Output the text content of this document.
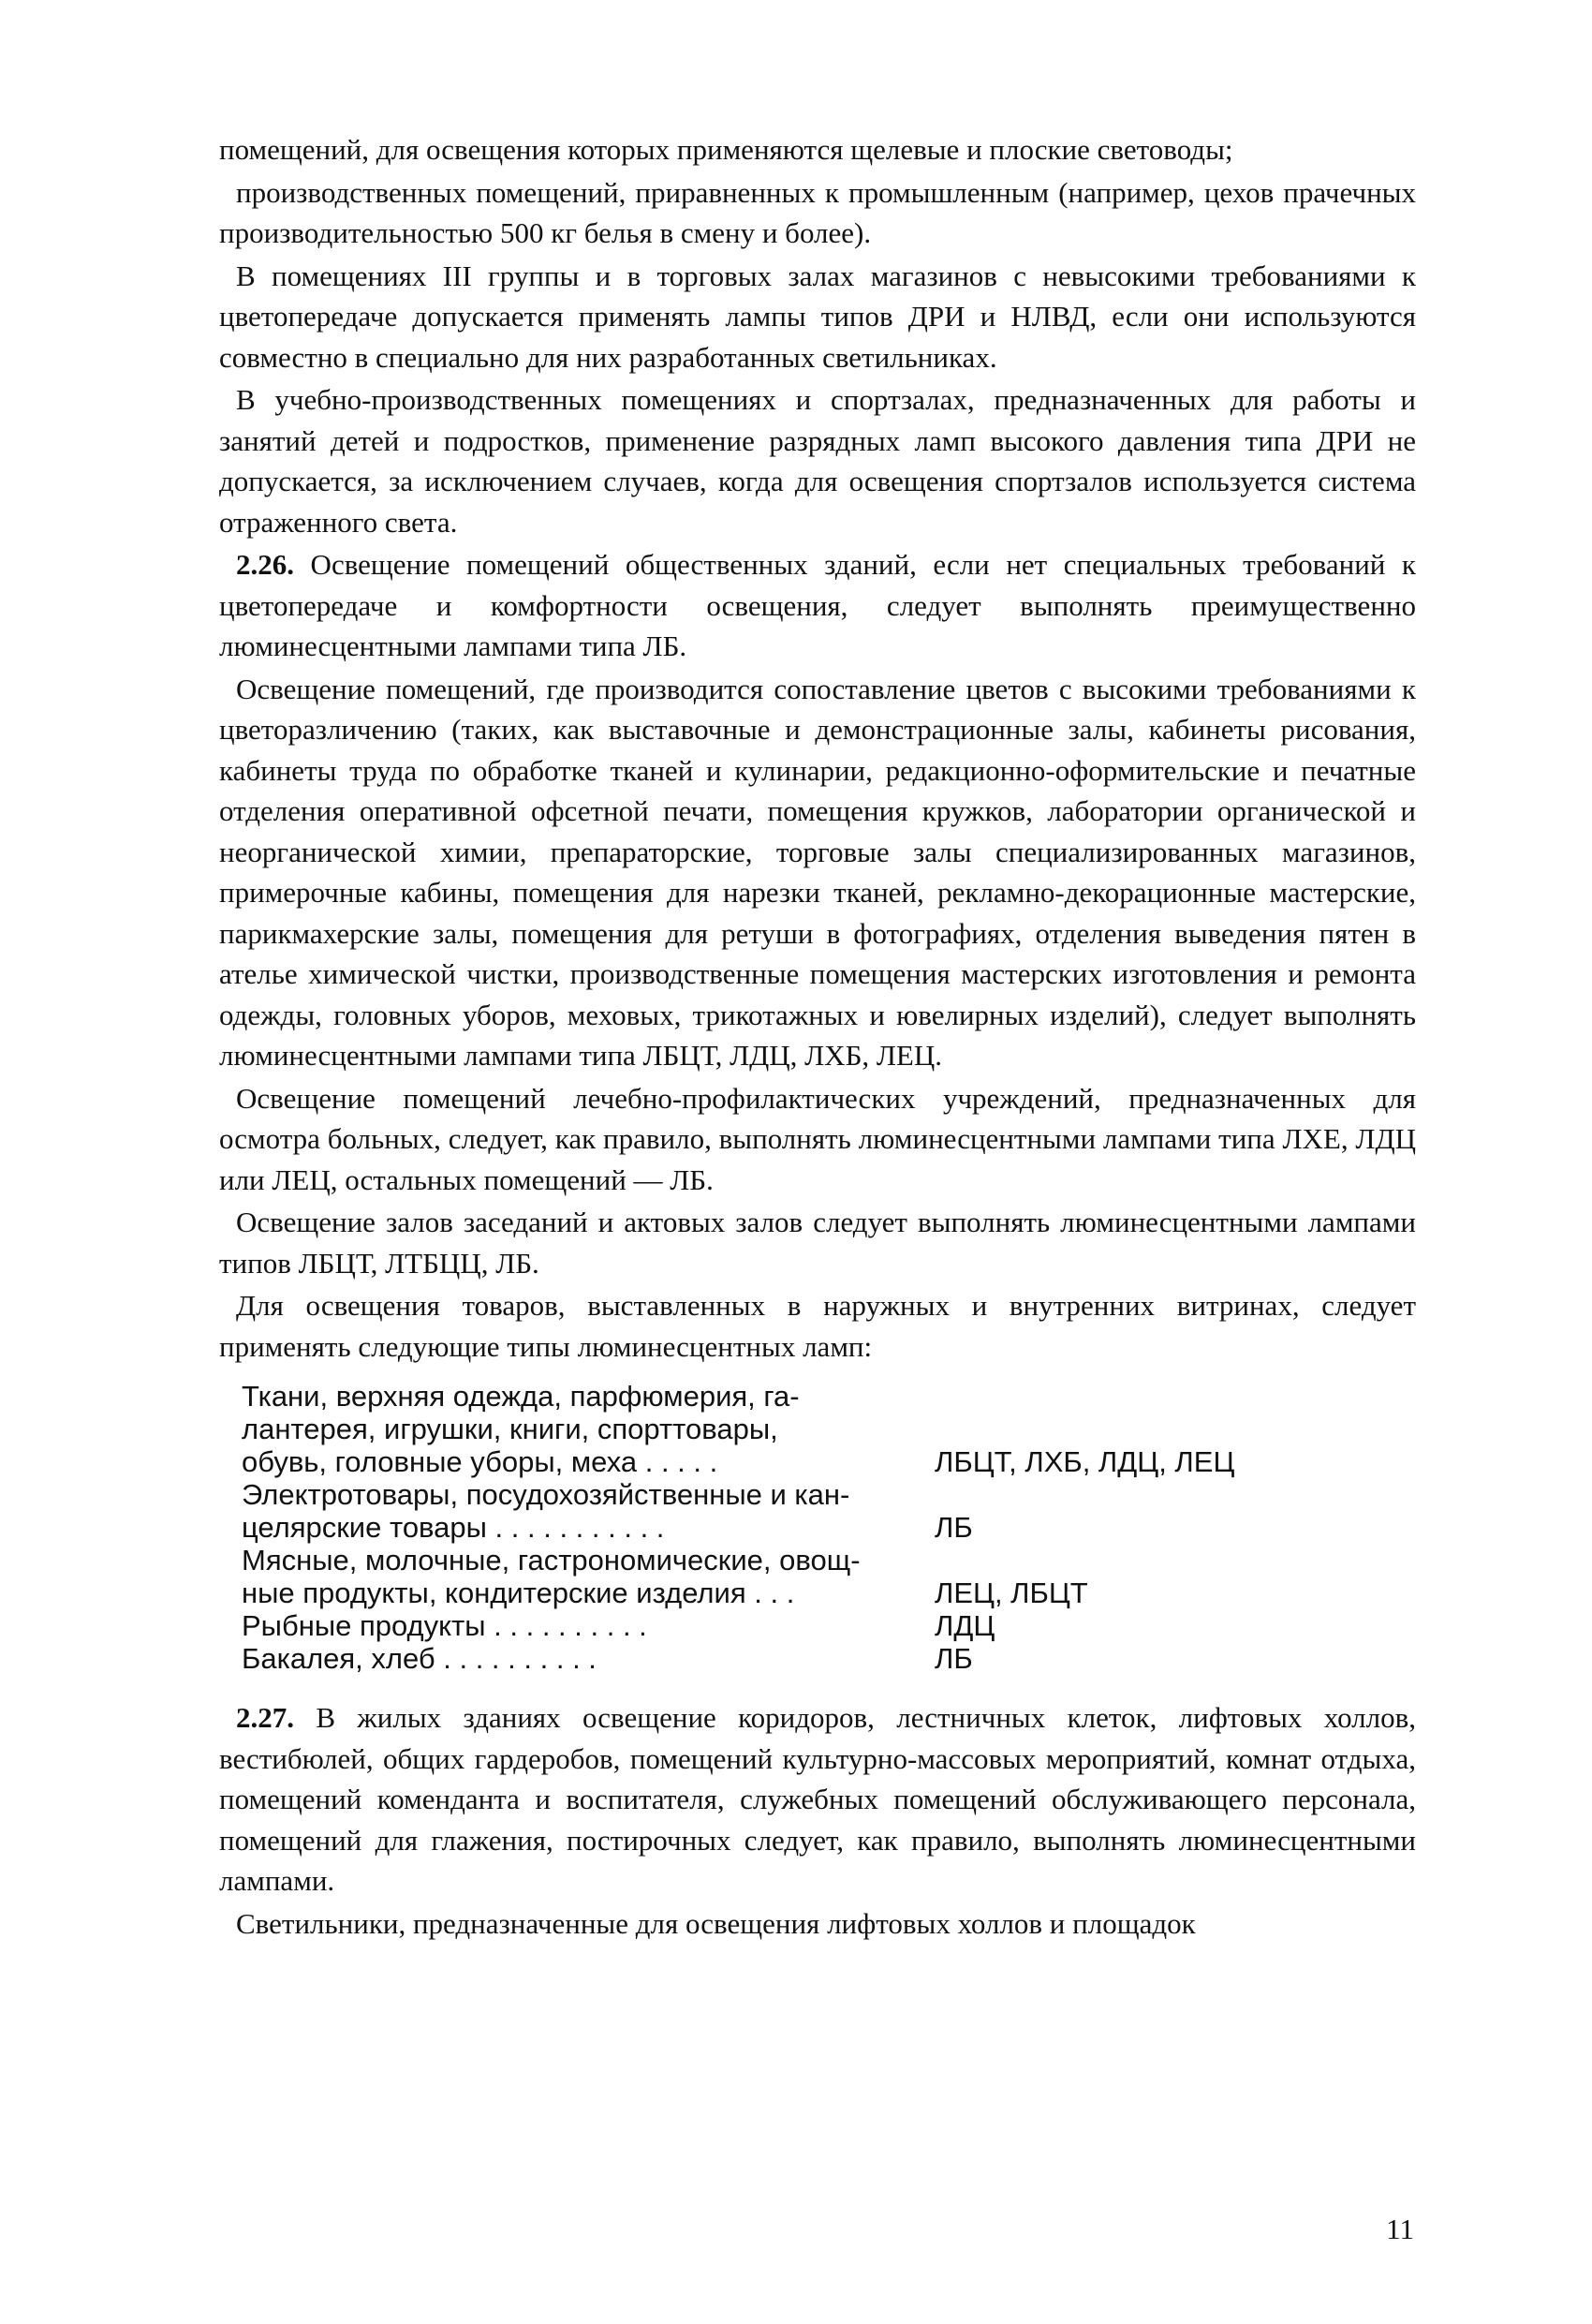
помещений, для освещения которых применяются щелевые и плоские световоды;
производственных помещений, приравненных к промышленным (например, цехов прачечных производительностью 500 кг белья в смену и более).
В помещениях III группы и в торговых залах магазинов с невысокими требованиями к цветопередаче допускается применять лампы типов ДРИ и НЛВД, если они используются совместно в специально для них разработанных светильниках.
В учебно-производственных помещениях и спортзалах, предназначенных для работы и занятий детей и подростков, применение разрядных ламп высокого давления типа ДРИ не допускается, за исключением случаев, когда для освещения спортзалов используется система отраженного света.
2.26. Освещение помещений общественных зданий, если нет специальных требований к цветопередаче и комфортности освещения, следует выполнять преимущественно люминесцентными лампами типа ЛБ.
Освещение помещений, где производится сопоставление цветов с высокими требованиями к цветоразличению (таких, как выставочные и демонстрационные залы, кабинеты рисования, кабинеты труда по обработке тканей и кулинарии, редакционно-оформительские и печатные отделения оперативной офсетной печати, помещения кружков, лаборатории органической и неорганической химии, препараторские, торговые залы специализированных магазинов, примерочные кабины, помещения для нарезки тканей, рекламно-декорационные мастерские, парикмахерские залы, помещения для ретуши в фотографиях, отделения выведения пятен в ателье химической чистки, производственные помещения мастерских изготовления и ремонта одежды, головных уборов, меховых, трикотажных и ювелирных изделий), следует выполнять люминесцентными лампами типа ЛБЦТ, ЛДЦ, ЛХБ, ЛЕЦ.
Освещение помещений лечебно-профилактических учреждений, предназначенных для осмотра больных, следует, как правило, выполнять люминесцентными лампами типа ЛХЕ, ЛДЦ или ЛЕЦ, остальных помещений — ЛБ.
Освещение залов заседаний и актовых залов следует выполнять люминесцентными лампами типов ЛБЦТ, ЛТБЦЦ, ЛБ.
Для освещения товаров, выставленных в наружных и внутренних витринах, следует применять следующие типы люминесцентных ламп:
Ткани, верхняя одежда, парфюмерия, га-
лантерея, игрушки, книги, спорттовары,
обувь, головные уборы, меха . . . . .	ЛБЦТ, ЛХБ, ЛДЦ, ЛЕЦ
Электротовары, посудохозяйственные и кан-
целярские товары . . . . . . . . . . .	ЛБ
Мясные, молочные, гастрономические, овощ-
ные продукты, кондитерские изделия . . .	ЛЕЦ, ЛБЦТ
Рыбные продукты . . . . . . . . . .	ЛДЦ
Бакалея, хлеб . . . . . . . . . .	ЛБ
2.27. В жилых зданиях освещение коридоров, лестничных клеток, лифтовых холлов, вестибюлей, общих гардеробов, помещений культурно-массовых мероприятий, комнат отдыха, помещений коменданта и воспитателя, служебных помещений обслуживающего персонала, помещений для глажения, постирочных следует, как правило, выполнять люминесцентными лампами.
Светильники, предназначенные для освещения лифтовых холлов и площадок
11
